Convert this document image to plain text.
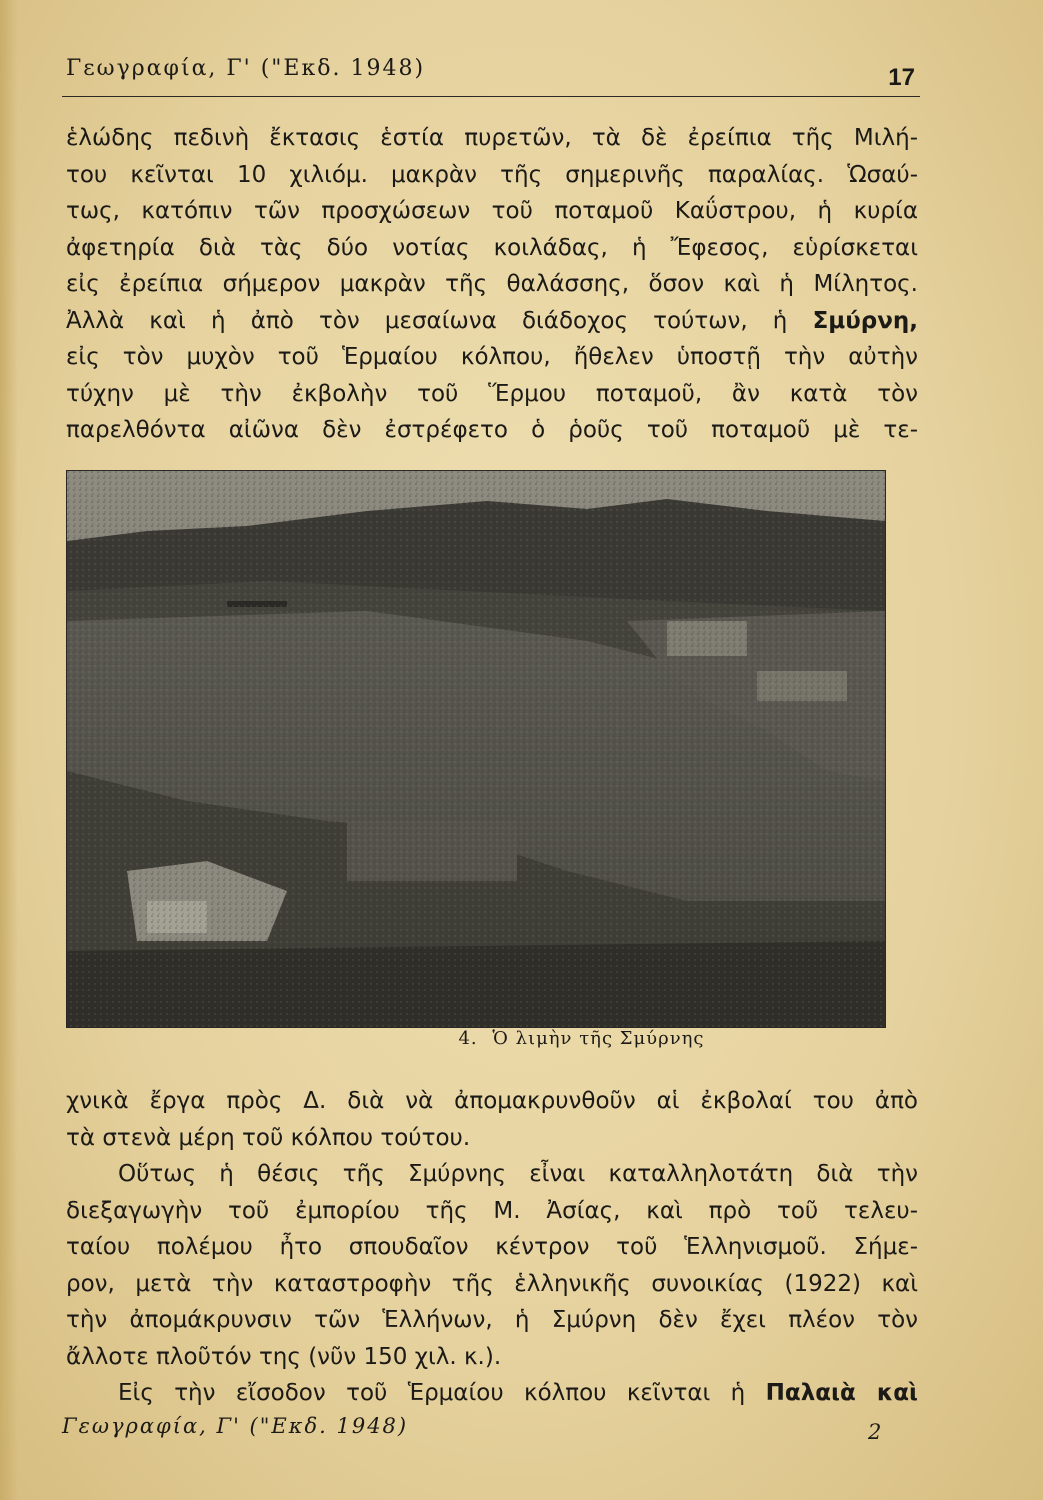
Γεωγραφία, Γ' ("Εκδ. 1948)	17
ἑλώδης πεδινὴ ἔκτασις ἑστία πυρετῶν, τὰ δὲ ἐρείπια τῆς Μιλή-
του κεῖνται 10 χιλιόμ. μακρὰν τῆς σημερινῆς παραλίας. Ὡσαύ-
τως, κατόπιν τῶν προσχώσεων τοῦ ποταμοῦ Καΰστρου, ἡ κυρία
ἀφετηρία διὰ τὰς δύο νοτίας κοιλάδας, ἡ Ἔφεσος, εὑρίσκεται
εἰς ἐρείπια σήμερον μακρὰν τῆς θαλάσσης, ὅσον καὶ ἡ Μίλητος.
Ἀλλὰ καὶ ἡ ἀπὸ τὸν μεσαίωνα διάδοχος τούτων, ἡ Σμύρνη,
εἰς τὸν μυχὸν τοῦ Ἑρμαίου κόλπου, ἤθελεν ὑποστῇ τὴν αὐτὴν
τύχην μὲ τὴν ἐκβολὴν τοῦ Ἕρμου ποταμοῦ, ἂν κατὰ τὸν
παρελθόντα αἰῶνα δὲν ἐστρέφετο ὁ ῥοῦς τοῦ ποταμοῦ μὲ τε-
4. Ὁ λιμὴν τῆς Σμύρνης
χνικὰ ἔργα πρὸς Δ. διὰ νὰ ἀπομακρυνθοῦν αἱ ἐκβολαί του ἀπὸ
τὰ στενὰ μέρη τοῦ κόλπου τούτου.
Οὕτως ἡ θέσις τῆς Σμύρνης εἶναι καταλληλοτάτη διὰ τὴν
διεξαγωγὴν τοῦ ἐμπορίου τῆς Μ. Ἀσίας, καὶ πρὸ τοῦ τελευ-
ταίου πολέμου ἦτο σπουδαῖον κέντρον τοῦ Ἑλληνισμοῦ. Σήμε-
ρον, μετὰ τὴν καταστροφὴν τῆς ἑλληνικῆς συνοικίας (1922) καὶ
τὴν ἀπομάκρυνσιν τῶν Ἑλλήνων, ἡ Σμύρνη δὲν ἔχει πλέον τὸν
ἄλλοτε πλοῦτόν της (νῦν 150 χιλ. κ.).
Εἰς τὴν εἴσοδον τοῦ Ἑρμαίου κόλπου κεῖνται ἡ Παλαιὰ καὶ
Γεωγραφία, Γ' ("Εκδ. 1948)	2
